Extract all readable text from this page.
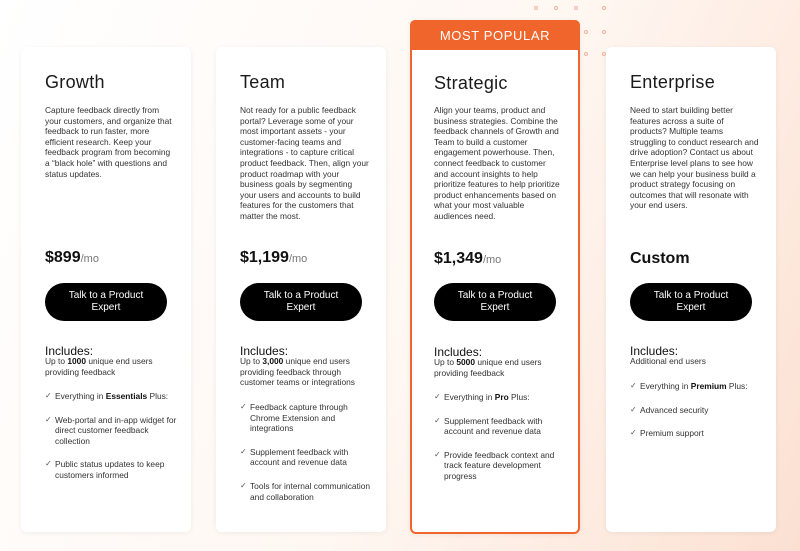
Growth

Capture feedback directly from your customers, and organize that feedback to run faster, more efficient research. Keep your feedback program from becoming a “black hole” with questions and status updates.

$899/mo
Talk to a Product Expert
Includes:
Up to 1000 unique end users providing feedback
✓ Everything in Essentials Plus:
✓ Web-portal and in-app widget for direct customer feedback collection
✓ Public status updates to keep customers informed
Team

Not ready for a public feedback portal? Leverage some of your most important assets - your customer-facing teams and integrations - to capture critical product feedback. Then, align your product roadmap with your business goals by segmenting your users and accounts to build features for the customers that matter the most.

$1,199/mo
Talk to a Product Expert
Includes:
Up to 3,000 unique end users providing feedback through customer teams or integrations
✓ Feedback capture through Chrome Extension and integrations
✓ Supplement feedback with account and revenue data
✓ Tools for internal communication and collaboration
MOST POPULAR
Strategic

Align your teams, product and business strategies. Combine the feedback channels of Growth and Team to build a customer engagement powerhouse. Then, connect feedback to customer and account insights to help prioritize features to help prioritize product enhancements based on what your most valuable audiences need.

$1,349/mo
Talk to a Product Expert
Includes:
Up to 5000 unique end users providing feedback
✓ Everything in Pro Plus:
✓ Supplement feedback with account and revenue data
✓ Provide feedback context and track feature development progress
Enterprise

Need to start building better features across a suite of products? Multiple teams struggling to conduct research and drive adoption? Contact us about Enterprise level plans to see how we can help your business build a product strategy focusing on outcomes that will resonate with your end users.

Custom
Talk to a Product Expert
Includes:
Additional end users
✓ Everything in Premium Plus:
✓ Advanced security
✓ Premium support
